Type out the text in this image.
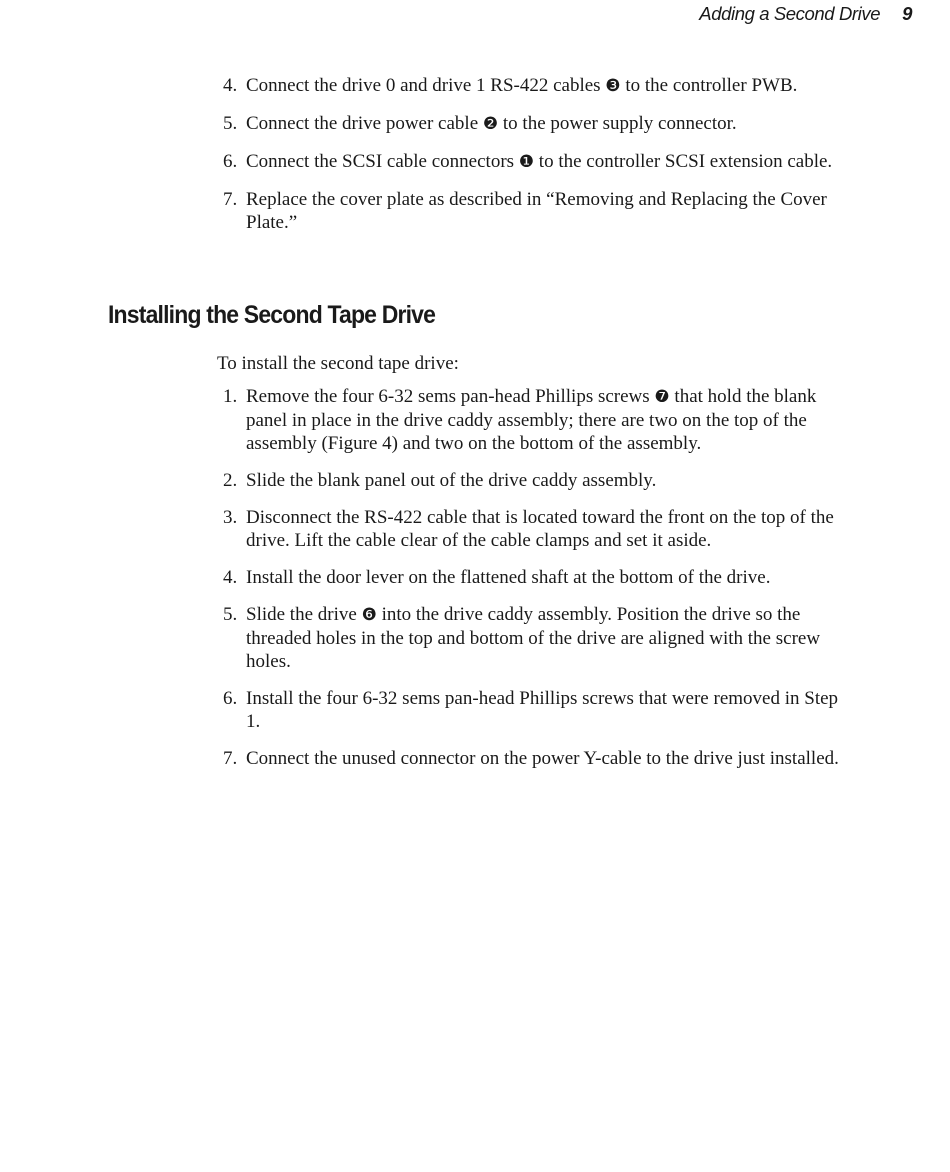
Adding a Second Drive 9
4. Connect the drive 0 and drive 1 RS-422 cables ❸ to the controller PWB.
5. Connect the drive power cable ❷ to the power supply connector.
6. Connect the SCSI cable connectors ❶ to the controller SCSI extension cable.
7. Replace the cover plate as described in “Removing and Replacing the Cover Plate.”
Installing the Second Tape Drive

To install the second tape drive:

1. Remove the four 6-32 sems pan-head Phillips screws ❼ that hold the blank panel in place in the drive caddy assembly; there are two on the top of the assembly (Figure 4) and two on the bottom of the assembly.
2. Slide the blank panel out of the drive caddy assembly.
3. Disconnect the RS-422 cable that is located toward the front on the top of the drive. Lift the cable clear of the cable clamps and set it aside.
4. Install the door lever on the flattened shaft at the bottom of the drive.
5. Slide the drive ❻ into the drive caddy assembly. Position the drive so the threaded holes in the top and bottom of the drive are aligned with the screw holes.
6. Install the four 6-32 sems pan-head Phillips screws that were removed in Step 1.
7. Connect the unused connector on the power Y-cable to the drive just installed.
